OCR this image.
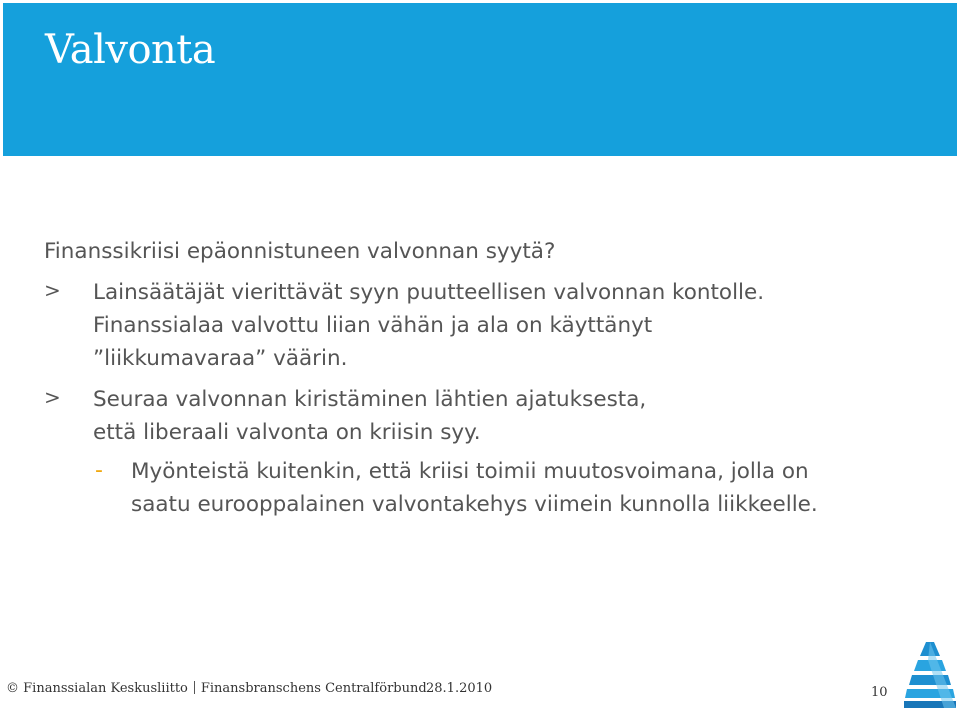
Valvonta
Finanssikriisi epäonnistuneen valvonnan syytä?
> Lainsäätäjät vierittävät syyn puutteellisen valvonnan kontolle.
Finanssialaa valvottu liian vähän ja ala on käyttänyt
”liikkumavaraa” väärin.
> Seuraa valvonnan kiristäminen lähtien ajatuksesta,
että liberaali valvonta on kriisin syy.
- Myönteistä kuitenkin, että kriisi toimii muutosvoimana, jolla on
saatu eurooppalainen valvontakehys viimein kunnolla liikkeelle.
© Finanssialan Keskusliitto Finansbranschens Centralförbund 28.1.2010	10
